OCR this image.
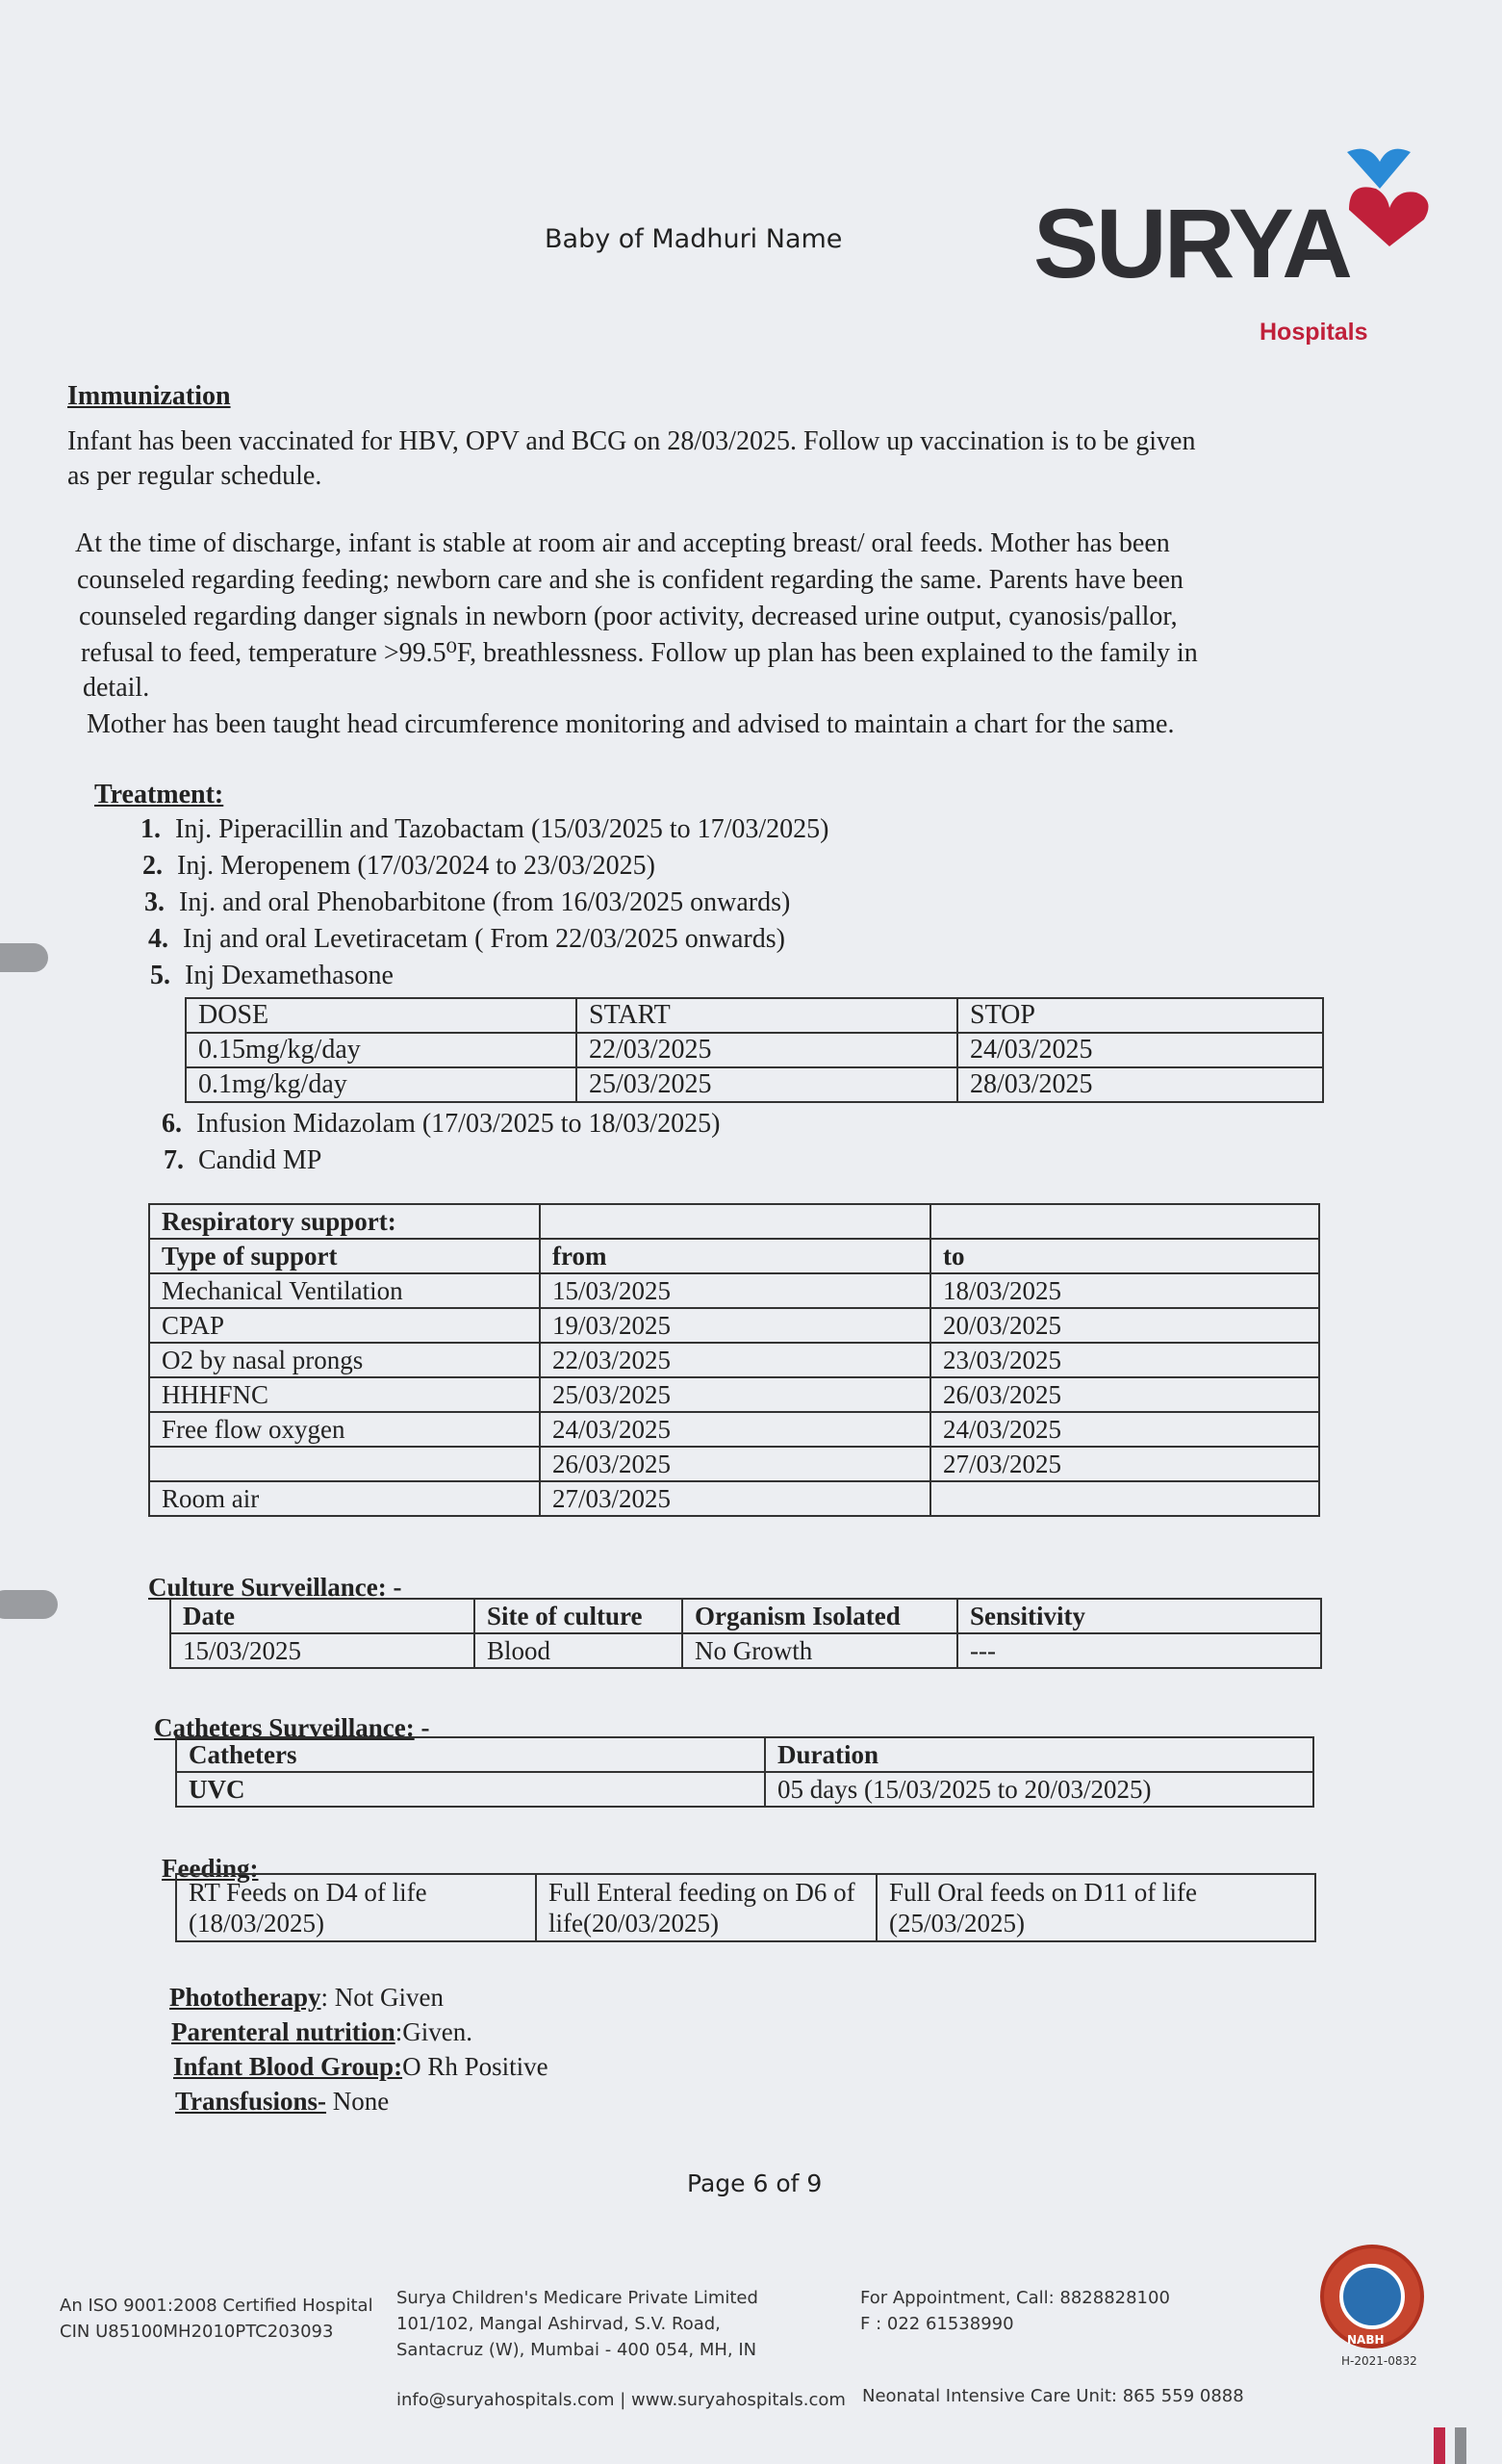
Baby of Madhuri Name SURYA
Hospitals
Immunization
Infant has been vaccinated for HBV, OPV and BCG on 28/03/2025. Follow up vaccination is to be given
as per regular schedule.
At the time of discharge, infant is stable at room air and accepting breast/ oral feeds. Mother has been
counseled regarding feeding; newborn care and she is confident regarding the same. Parents have been
counseled regarding danger signals in newborn (poor activity, decreased urine output, cyanosis/pallor,
refusal to feed, temperature >99.5⁰F, breathlessness. Follow up plan has been explained to the family in
detail.
Mother has been taught head circumference monitoring and advised to maintain a chart for the same.
Treatment:
1. Inj. Piperacillin and Tazobactam (15/03/2025 to 17/03/2025)
2. Inj. Meropenem (17/03/2024 to 23/03/2025)
3. Inj. and oral Phenobarbitone (from 16/03/2025 onwards)
4. Inj and oral Levetiracetam ( From 22/03/2025 onwards)
5. Inj Dexamethasone
DOSE	START	STOP
0.15mg/kg/day	22/03/2025	24/03/2025
0.1mg/kg/day	25/03/2025	28/03/2025
6. Infusion Midazolam (17/03/2025 to 18/03/2025)
7. Candid MP
Respiratory support:		
Type of support	from	to
Mechanical Ventilation	15/03/2025	18/03/2025
CPAP	19/03/2025	20/03/2025
O2 by nasal prongs	22/03/2025	23/03/2025
HHHFNC	25/03/2025	26/03/2025
Free flow oxygen	24/03/2025	24/03/2025
	26/03/2025	27/03/2025
Room air	27/03/2025	
Culture Surveillance: -
Date	Site of culture	Organism Isolated	Sensitivity
15/03/2025	Blood	No Growth	---
Catheters Surveillance: -
Catheters	Duration
UVC	05 days (15/03/2025 to 20/03/2025)
Feeding:
RT Feeds on D4 of life
(18/03/2025)

Full Enteral feeding on D6 of
life(20/03/2025)

Full Oral feeds on D11 of life
(25/03/2025)
Phototherapy: Not Given
Parenteral nutrition:Given.
Infant Blood Group:O Rh Positive
Transfusions- None
Page 6 of 9
An ISO 9001:2008 Certified Hospital
CIN U85100MH2010PTC203093
Surya Children's Medicare Private Limited
101/102, Mangal Ashirvad, S.V. Road,
Santacruz (W), Mumbai - 400 054, MH, IN
For Appointment, Call: 8828828100
F : 022 61538990
info@suryahospitals.com | www.suryahospitals.com Neonatal Intensive Care Unit: 865 559 0888
NABH
H-2021-0832
